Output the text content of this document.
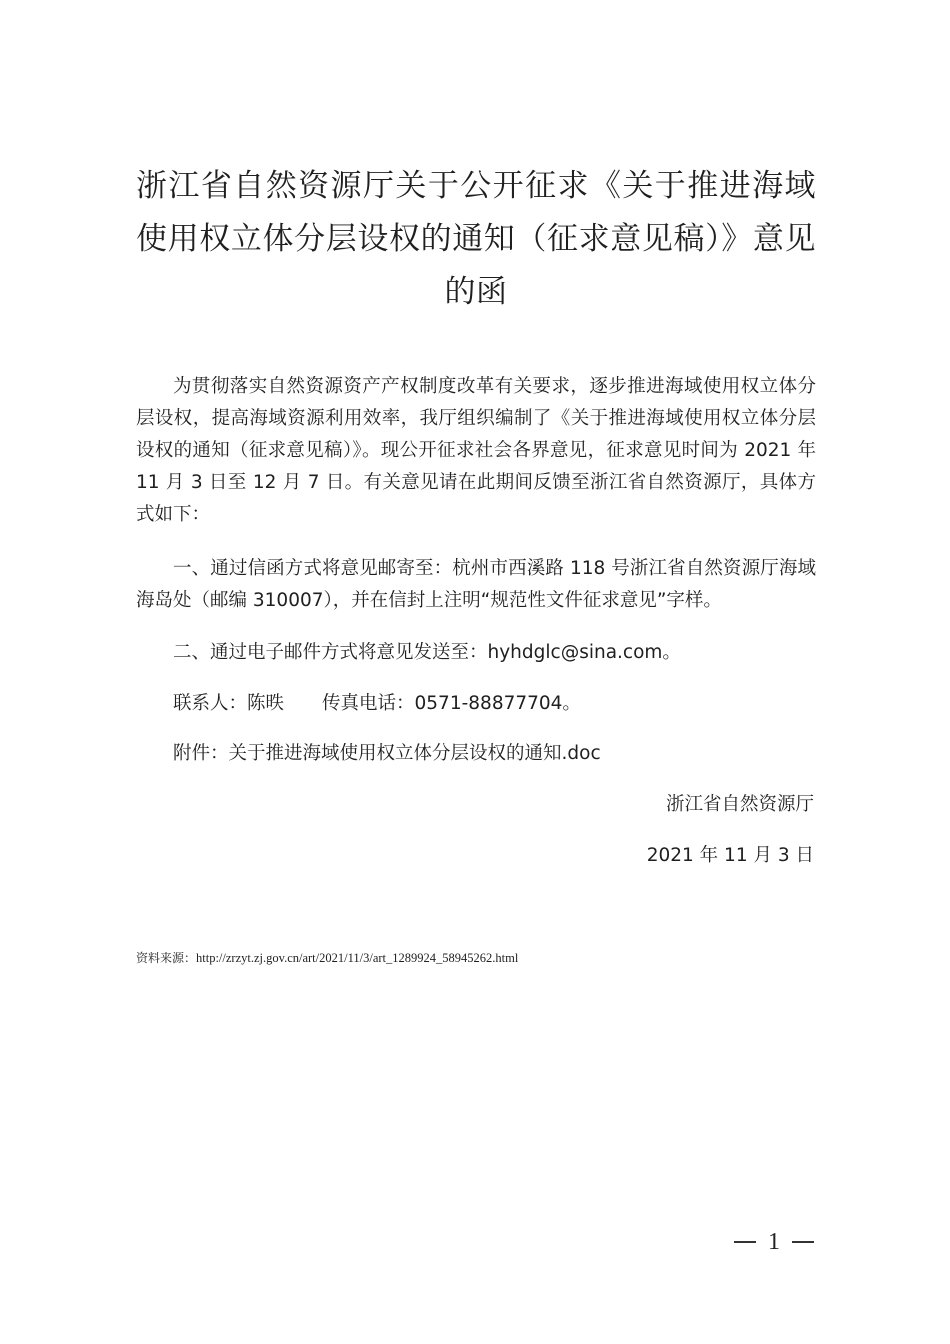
浙江省自然资源厅关于公开征求《关于推进海域使用权立体分层设权的通知（征求意见稿）》意见的函
为贯彻落实自然资源资产产权制度改革有关要求，逐步推进海域使用权立体分层设权，提高海域资源利用效率，我厅组织编制了《关于推进海域使用权立体分层设权的通知（征求意见稿）》。现公开征求社会各界意见，征求意见时间为 2021 年 11 月 3 日至 12 月 7 日。有关意见请在此期间反馈至浙江省自然资源厅，具体方式如下：
一、通过信函方式将意见邮寄至：杭州市西溪路 118 号浙江省自然资源厅海域海岛处（邮编 310007），并在信封上注明“规范性文件征求意见”字样。
二、通过电子邮件方式将意见发送至：hyhdglc@sina.com。
联系人：陈昳 传真电话：0571-88877704。
附件：关于推进海域使用权立体分层设权的通知.doc
浙江省自然资源厅
2021 年 11 月 3 日
资料来源：http://zrzyt.zj.gov.cn/art/2021/11/3/art_1289924_58945262.html
1
